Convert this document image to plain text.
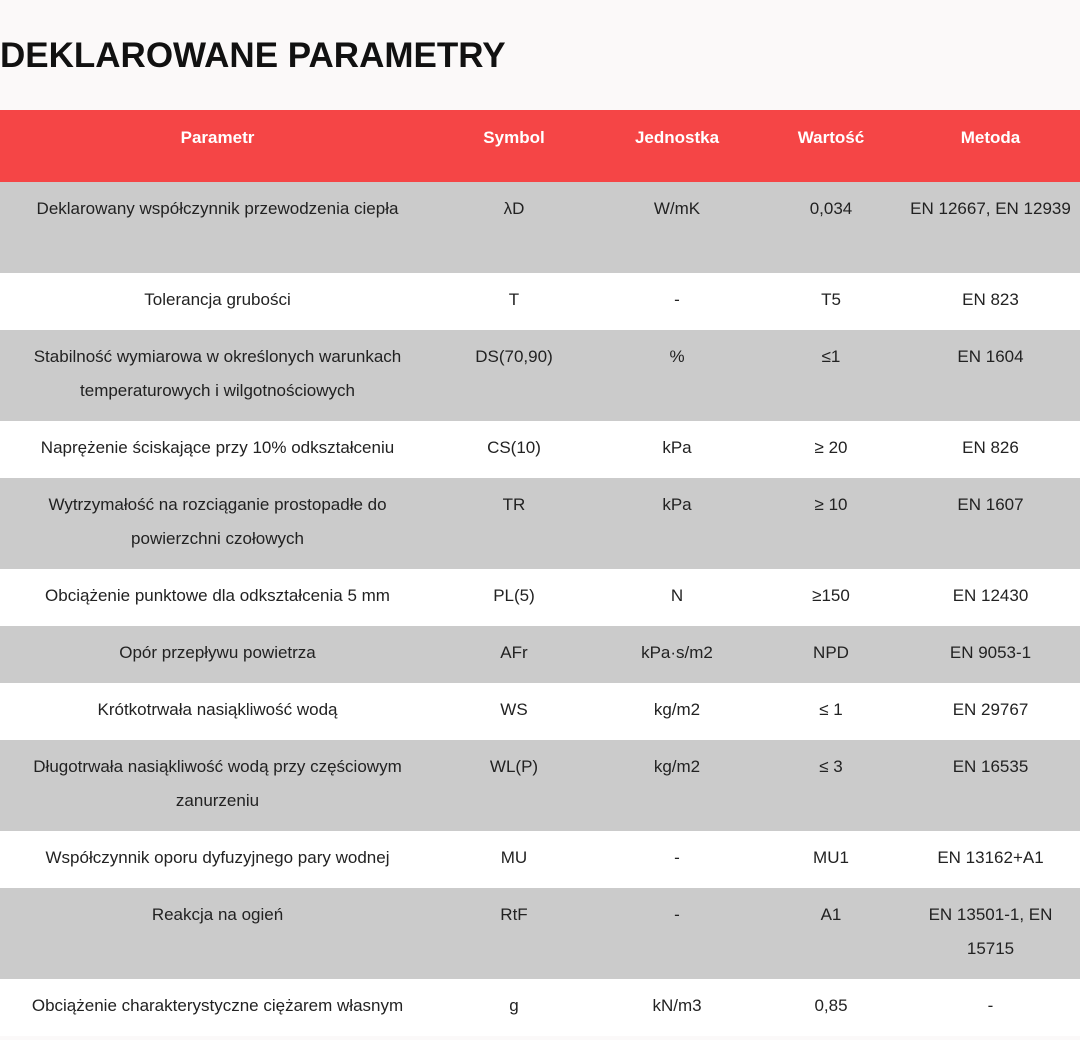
DEKLAROWANE PARAMETRY
Parametr	Symbol	Jednostka	Wartość	Metoda
Deklarowany współczynnik przewodzenia ciepła	λD	W/mK	0,034	EN 12667, EN 12939
Tolerancja grubości	T	-	T5	EN 823
Stabilność wymiarowa w określonych warunkach temperaturowych i wilgotnościowych	DS(70,90)	%	≤1	EN 1604
Naprężenie ściskające przy 10% odkształceniu	CS(10)	kPa	≥ 20	EN 826
Wytrzymałość na rozciąganie prostopadłe do powierzchni czołowych	TR	kPa	≥ 10	EN 1607
Obciążenie punktowe dla odkształcenia 5 mm	PL(5)	N	≥150	EN 12430
Opór przepływu powietrza	AFr	kPa·s/m2	NPD	EN 9053-1
Krótkotrwała nasiąkliwość wodą	WS	kg/m2	≤ 1	EN 29767
Długotrwała nasiąkliwość wodą przy częściowym zanurzeniu	WL(P)	kg/m2	≤ 3	EN 16535
Współczynnik oporu dyfuzyjnego pary wodnej	MU	-	MU1	EN 13162+A1
Reakcja na ogień	RtF	-	A1	EN 13501-1, EN 15715
Obciążenie charakterystyczne ciężarem własnym	g	kN/m3	0,85	-
